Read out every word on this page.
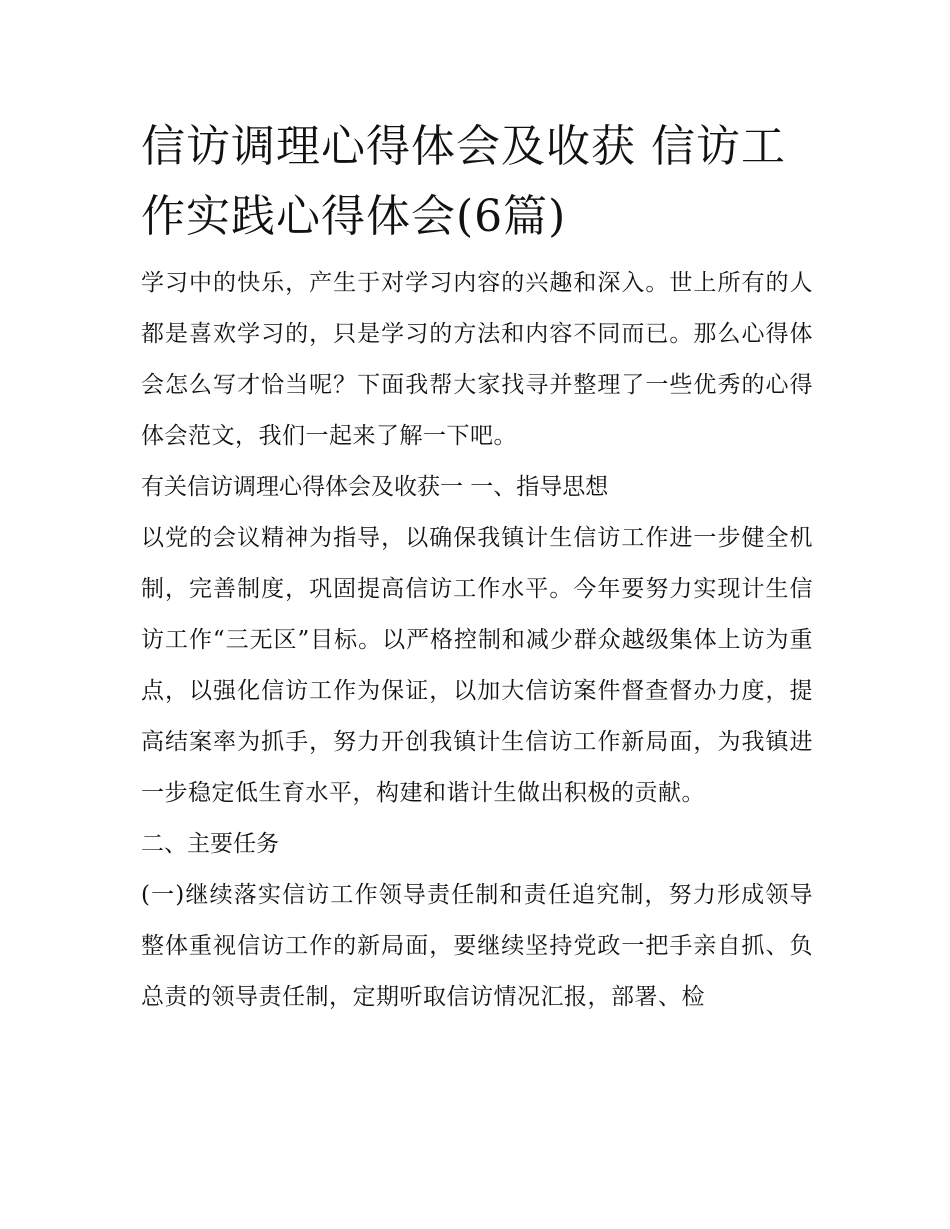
信访调理心得体会及收获 信访工作实践心得体会(6篇)

学习中的快乐，产生于对学习内容的兴趣和深入。世上所有的人都是喜欢学习的，只是学习的方法和内容不同而已。那么心得体会怎么写才恰当呢？下面我帮大家找寻并整理了一些优秀的心得体会范文，我们一起来了解一下吧。

有关信访调理心得体会及收获一 一、指导思想

以党的会议精神为指导，以确保我镇计生信访工作进一步健全机制，完善制度，巩固提高信访工作水平。今年要努力实现计生信访工作“三无区”目标。以严格控制和减少群众越级集体上访为重点，以强化信访工作为保证，以加大信访案件督查督办力度，提高结案率为抓手，努力开创我镇计生信访工作新局面，为我镇进一步稳定低生育水平，构建和谐计生做出积极的贡献。

二、主要任务

(一)继续落实信访工作领导责任制和责任追究制，努力形成领导整体重视信访工作的新局面，要继续坚持党政一把手亲自抓、负总责的领导责任制，定期听取信访情况汇报，部署、检
